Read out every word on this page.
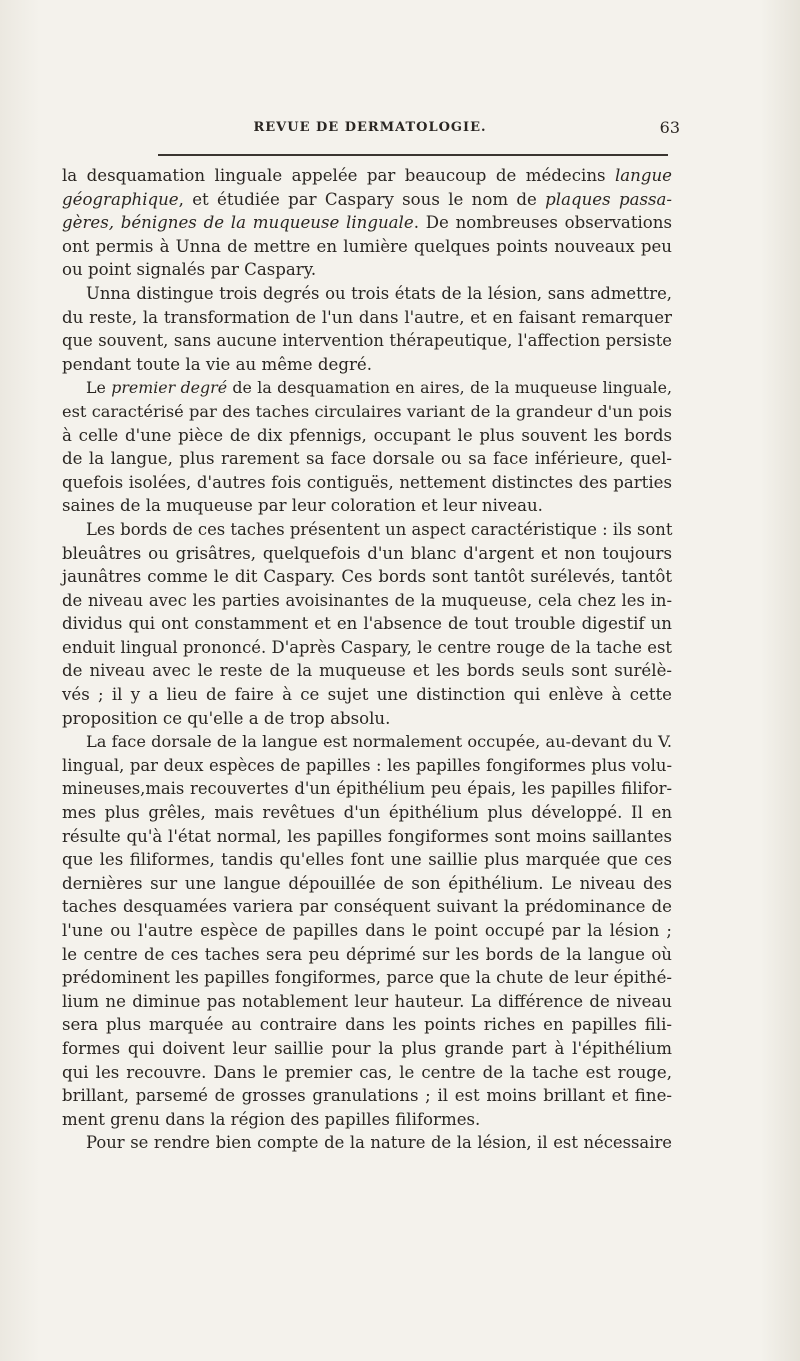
REVUE DE DERMATOLOGIE.	63

la desquamation linguale appelée par beaucoup de médecins langue
géographique, et étudiée par Caspary sous le nom de plaques passa-
gères, bénignes de la muqueuse linguale. De nombreuses observations
ont permis à Unna de mettre en lumière quelques points nouveaux peu
ou point signalés par Caspary.

Unna distingue trois degrés ou trois états de la lésion, sans admettre,
du reste, la transformation de l'un dans l'autre, et en faisant remarquer
que souvent, sans aucune intervention thérapeutique, l'affection persiste
pendant toute la vie au même degré.

Le premier degré de la desquamation en aires, de la muqueuse linguale,
est caractérisé par des taches circulaires variant de la grandeur d'un pois
à celle d'une pièce de dix pfennigs, occupant le plus souvent les bords
de la langue, plus rarement sa face dorsale ou sa face inférieure, quel-
quefois isolées, d'autres fois contiguës, nettement distinctes des parties
saines de la muqueuse par leur coloration et leur niveau.

Les bords de ces taches présentent un aspect caractéristique : ils sont
bleuâtres ou grisâtres, quelquefois d'un blanc d'argent et non toujours
jaunâtres comme le dit Caspary. Ces bords sont tantôt surélevés, tantôt
de niveau avec les parties avoisinantes de la muqueuse, cela chez les in-
dividus qui ont constamment et en l'absence de tout trouble digestif un
enduit lingual prononcé. D'après Caspary, le centre rouge de la tache est
de niveau avec le reste de la muqueuse et les bords seuls sont surélè-
vés ; il y a lieu de faire à ce sujet une distinction qui enlève à cette
proposition ce qu'elle a de trop absolu.

La face dorsale de la langue est normalement occupée, au-devant du V.
lingual, par deux espèces de papilles : les papilles fongiformes plus volu-
mineuses,mais recouvertes d'un épithélium peu épais, les papilles filifor-
mes plus grêles, mais revêtues d'un épithélium plus développé. Il en
résulte qu'à l'état normal, les papilles fongiformes sont moins saillantes
que les filiformes, tandis qu'elles font une saillie plus marquée que ces
dernières sur une langue dépouillée de son épithélium. Le niveau des
taches desquamées variera par conséquent suivant la prédominance de
l'une ou l'autre espèce de papilles dans le point occupé par la lésion ;
le centre de ces taches sera peu déprimé sur les bords de la langue où
prédominent les papilles fongiformes, parce que la chute de leur épithé-
lium ne diminue pas notablement leur hauteur. La différence de niveau
sera plus marquée au contraire dans les points riches en papilles fili-
formes qui doivent leur saillie pour la plus grande part à l'épithélium
qui les recouvre. Dans le premier cas, le centre de la tache est rouge,
brillant, parsemé de grosses granulations ; il est moins brillant et fine-
ment grenu dans la région des papilles filiformes.

Pour se rendre bien compte de la nature de la lésion, il est nécessaire
